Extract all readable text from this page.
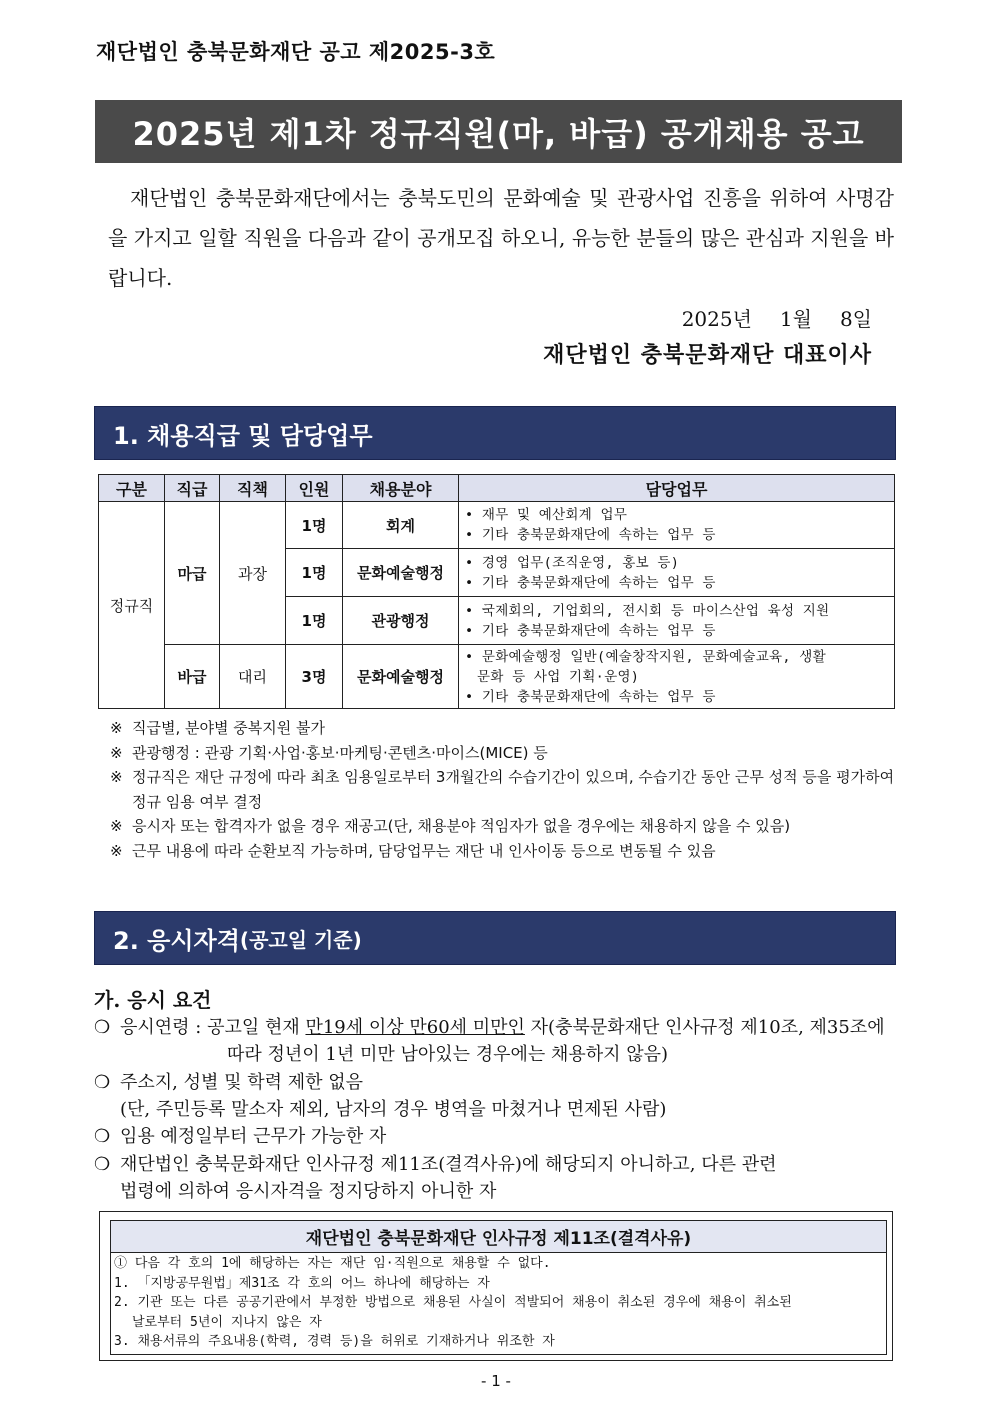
재단법인 충북문화재단 공고 제2025-3호
2025년 제1차 정규직원(마, 바급) 공개채용 공고

재단법인 충북문화재단에서는 충북도민의 문화예술 및 관광사업 진흥을 위하여 사명감을 가지고 일할 직원을 다음과 같이 공개모집 하오니, 유능한 분들의 많은 관심과 지원을 바랍니다.

2025년 1월 8일
재단법인 충북문화재단 대표이사
1. 채용직급 및 담당업무
구분	직급	직책	인원	채용분야	담당업무
정규직	마급	과장	1명	회계	• 재무 및 예산회계 업무
• 기타 충북문화재단에 속하는 업무 등

			1명	문화예술행정	• 경영 업무(조직운영, 홍보 등)
• 기타 충북문화재단에 속하는 업무 등

			1명	관광행정	• 국제회의, 기업회의, 전시회 등 마이스산업 육성 지원
• 기타 충북문화재단에 속하는 업무 등

	바급	대리	3명	문화예술행정	• 문화예술행정 일반(예술창작지원, 문화예술교육, 생활
문화 등 사업 기획·운영)
• 기타 충북문화재단에 속하는 업무 등
※ 직급별, 분야별 중복지원 불가
※ 관광행정 : 관광 기획·사업·홍보·마케팅·콘텐츠·마이스(MICE) 등
※ 정규직은 재단 규정에 따라 최초 임용일로부터 3개월간의 수습기간이 있으며, 수습기간 동안 근무 성적 등을 평가하여 정규 임용 여부 결정
※ 응시자 또는 합격자가 없을 경우 재공고(단, 채용분야 적임자가 없을 경우에는 채용하지 않을 수 있음)
※ 근무 내용에 따라 순환보직 가능하며, 담당업무는 재단 내 인사이동 등으로 변동될 수 있음
2. 응시자격 (공고일 기준)
가. 응시 요건
❍ 응시연령 : 공고일 현재 만19세 이상 만60세 미만인 자(충북문화재단 인사규정 제10조, 제35조에
따라 정년이 1년 미만 남아있는 경우에는 채용하지 않음)
❍ 주소지, 성별 및 학력 제한 없음
(단, 주민등록 말소자 제외, 남자의 경우 병역을 마쳤거나 면제된 사람)
❍ 임용 예정일부터 근무가 가능한 자
❍ 재단법인 충북문화재단 인사규정 제11조(결격사유)에 해당되지 아니하고, 다른 관련
법령에 의하여 응시자격을 정지당하지 아니한 자
재단법인 충북문화재단 인사규정 제11조(결격사유)
① 다음 각 호의 1에 해당하는 자는 재단 임·직원으로 채용할 수 없다.
1. 「지방공무원법」제31조 각 호의 어느 하나에 해당하는 자
2. 기관 또는 다른 공공기관에서 부정한 방법으로 채용된 사실이 적발되어 채용이 취소된 경우에 채용이 취소된
날로부터 5년이 지나지 않은 자
3. 채용서류의 주요내용(학력, 경력 등)을 허위로 기재하거나 위조한 자
- 1 -
